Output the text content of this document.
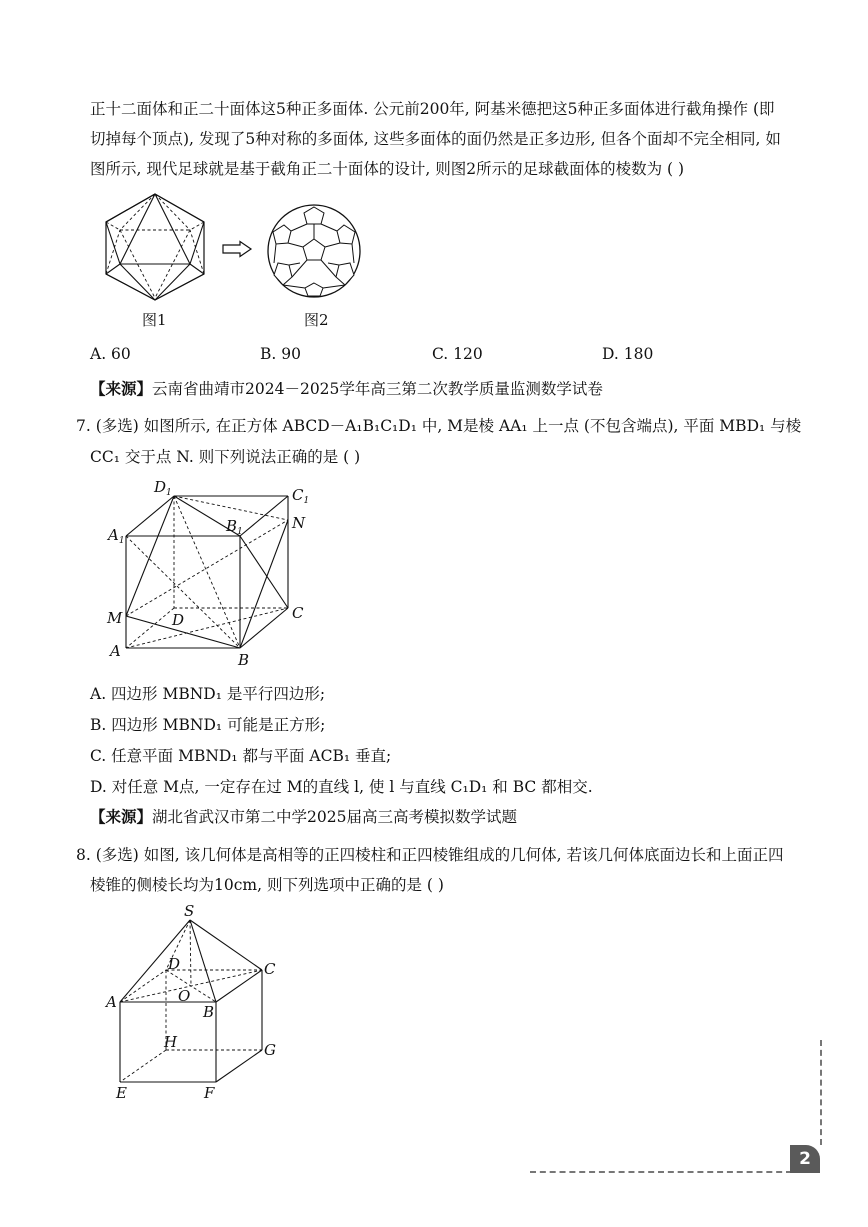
正十二面体和正二十面体这5种正多面体. 公元前200年, 阿基米德把这5种正多面体进行截角操作 (即
切掉每个顶点), 发现了5种对称的多面体, 这些多面体的面仍然是正多边形, 但各个面却不完全相同, 如
图所示, 现代足球就是基于截角正二十面体的设计, 则图2所示的足球截面体的棱数为 ( )
图1	图2
A. 60	B. 90	C. 120	D. 180
【来源】云南省曲靖市2024－2025学年高三第二次教学质量监测数学试卷
7. (多选) 如图所示, 在正方体 ABCD－A₁B₁C₁D₁ 中, M是棱 AA₁ 上一点 (不包含端点), 平面 MBD₁ 与棱
CC₁ 交于点 N. 则下列说法正确的是 ( )
$D_1$	$C_1$
$A_1$
$B_1$	N
M	D	C
A	B
A. 四边形 MBND₁ 是平行四边形;
B. 四边形 MBND₁ 可能是正方形;
C. 任意平面 MBND₁ 都与平面 ACB₁ 垂直;
D. 对任意 M点, 一定存在过 M的直线 l, 使 l 与直线 C₁D₁ 和 BC 都相交.
【来源】湖北省武汉市第二中学2025届高三高考模拟数学试题
8. (多选) 如图, 该几何体是高相等的正四棱柱和正四棱锥组成的几何体, 若该几何体底面边长和上面正四
棱锥的侧棱长均为10cm, 则下列选项中正确的是 ( )
S
D	C
A	O
B
H	G
E	F
2
